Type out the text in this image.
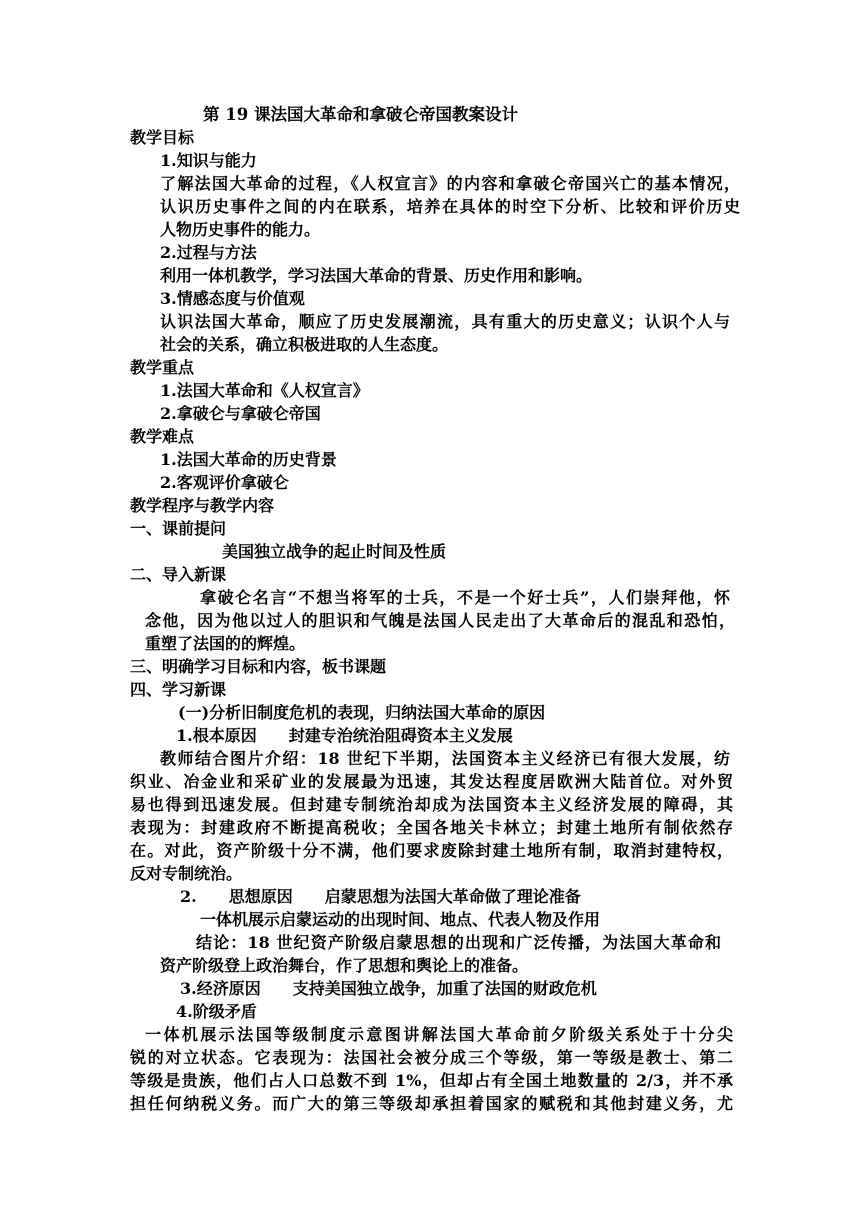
第 19 课法国大革命和拿破仑帝国教案设计
教学目标
1.知识与能力
了解法国大革命的过程，《人权宣言》的内容和拿破仑帝国兴亡的基本情况，
认识历史事件之间的内在联系，培养在具体的时空下分析、比较和评价历史
人物历史事件的能力。
2.过程与方法
利用一体机教学，学习法国大革命的背景、历史作用和影响。
3.情感态度与价值观
认识法国大革命，顺应了历史发展潮流，具有重大的历史意义；认识个人与
社会的关系，确立积极进取的人生态度。
教学重点
1.法国大革命和《人权宣言》
2.拿破仑与拿破仑帝国
教学难点
1.法国大革命的历史背景
2.客观评价拿破仑
教学程序与教学内容
一、课前提问
美国独立战争的起止时间及性质
二、导入新课
拿破仑名言“不想当将军的士兵，不是一个好士兵”，人们崇拜他，怀
念他，因为他以过人的胆识和气魄是法国人民走出了大革命后的混乱和恐怕，
重塑了法国的的辉煌。
三、明确学习目标和内容，板书课题
四、学习新课
(一)分析旧制度危机的表现，归纳法国大革命的原因
1.根本原因　　封建专治统治阻碍资本主义发展
教师结合图片介绍：18 世纪下半期，法国资本主义经济已有很大发展，纺
织业、冶金业和采矿业的发展最为迅速，其发达程度居欧洲大陆首位。对外贸
易也得到迅速发展。但封建专制统治却成为法国资本主义经济发展的障碍，其
表现为：封建政府不断提高税收；全国各地关卡林立；封建土地所有制依然存
在。对此，资产阶级十分不满，他们要求废除封建土地所有制，取消封建特权，
反对专制统治。
2.　　思想原因　　启蒙思想为法国大革命做了理论准备
一体机展示启蒙运动的出现时间、地点、代表人物及作用
结论：18 世纪资产阶级启蒙思想的出现和广泛传播，为法国大革命和
资产阶级登上政治舞台，作了思想和舆论上的准备。
3.经济原因　　支持美国独立战争，加重了法国的财政危机
4.阶级矛盾
一体机展示法国等级制度示意图讲解法国大革命前夕阶级关系处于十分尖
锐的对立状态。它表现为：法国社会被分成三个等级，第一等级是教士、第二
等级是贵族，他们占人口总数不到 1%，但却占有全国土地数量的 2/3，并不承
担任何纳税义务。而广大的第三等级却承担着国家的赋税和其他封建义务，尤
